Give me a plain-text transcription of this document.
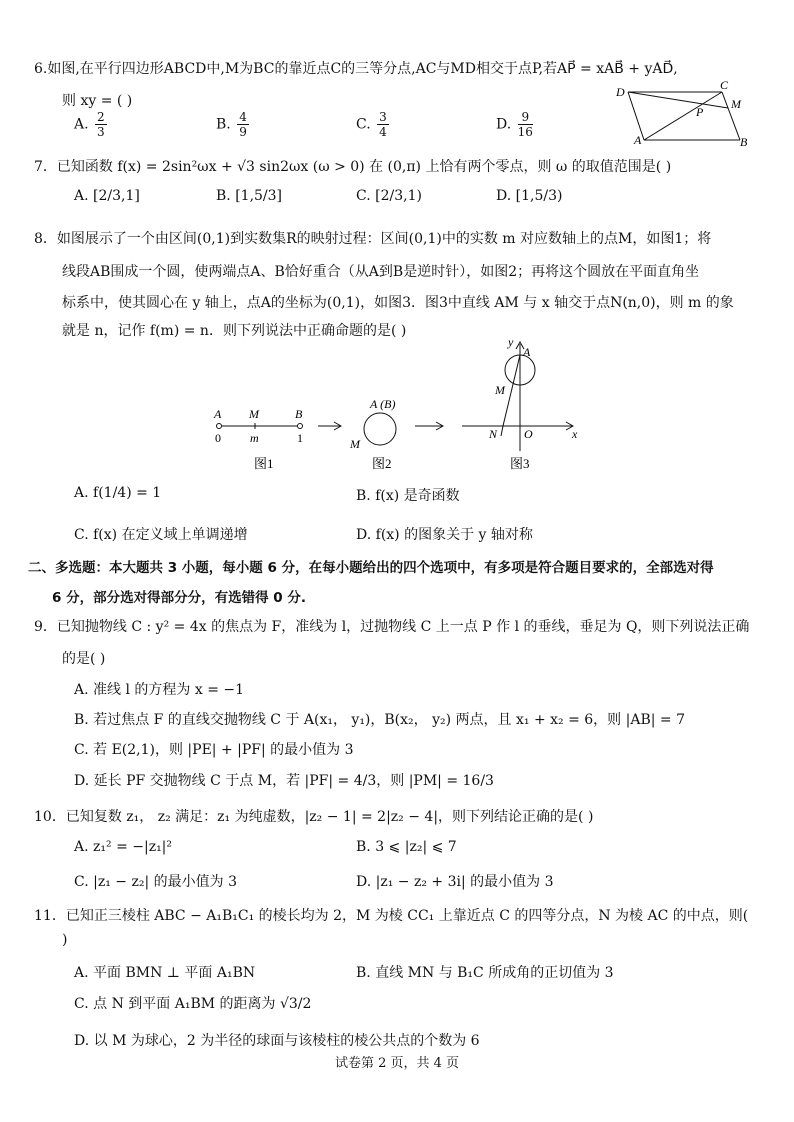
6.如图,在平行四边形ABCD中,M为BC的靠近点C的三等分点,AC与MD相交于点P,若AP⃗ = xAB⃗ + yAD⃗,
则 xy = ( )
A. $\frac{2}{3}$	B. $\frac{4}{9}$	C. $\frac{3}{4}$	D. $\frac{9}{16}$
D	C
M
P
A	B
7．已知函数 f(x) = 2sin²ωx + √3 sin2ωx (ω > 0) 在 (0,π) 上恰有两个零点，则 ω 的取值范围是( )
A. [2/3,1]	B. [1,5/3]	C. [2/3,1)	D. [1,5/3)
8．如图展示了一个由区间(0,1)到实数集R的映射过程：区间(0,1)中的实数 m 对应数轴上的点M，如图1；将
线段AB围成一个圆，使两端点A、B恰好重合（从A到B是逆时针），如图2；再将这个圆放在平面直角坐
标系中，使其圆心在 y 轴上，点A的坐标为(0,1)，如图3．图3中直线 AM 与 x 轴交于点N(n,0)，则 m 的象
就是 n，记作 f(m) = n．则下列说法中正确命题的是( )
A M	B
0 m	1
图1
A (B)
M
图2
y
A
M
N O	x
图3
A. f(1/4) = 1	B. f(x) 是奇函数
C. f(x) 在定义域上单调递增	D. f(x) 的图象关于 y 轴对称
二、多选题：本大题共 3 小题，每小题 6 分，在每小题给出的四个选项中，有多项是符合题目要求的，全部选对得
6 分，部分选对得部分分，有选错得 0 分.
9．已知抛物线 C : y² = 4x 的焦点为 F，准线为 l，过抛物线 C 上一点 P 作 l 的垂线，垂足为 Q，则下列说法正确
的是( )
A. 准线 l 的方程为 x = −1
B. 若过焦点 F 的直线交抛物线 C 于 A(x₁， y₁)，B(x₂， y₂) 两点，且 x₁ + x₂ = 6，则 |AB| = 7
C. 若 E(2,1)，则 |PE| + |PF| 的最小值为 3
D. 延长 PF 交抛物线 C 于点 M，若 |PF| = 4/3，则 |PM| = 16/3
10．已知复数 z₁， z₂ 满足：z₁ 为纯虚数，|z₂ − 1| = 2|z₂ − 4|，则下列结论正确的是( )
A. z₁² = −|z₁|²	B. 3 ⩽ |z₂| ⩽ 7
C. |z₁ − z₂| 的最小值为 3	D. |z₁ − z₂ + 3i| 的最小值为 3
11．已知正三棱柱 ABC − A₁B₁C₁ 的棱长均为 2，M 为棱 CC₁ 上靠近点 C 的四等分点，N 为棱 AC 的中点，则(
)
A. 平面 BMN ⊥ 平面 A₁BN	B. 直线 MN 与 B₁C 所成角的正切值为 3
C. 点 N 到平面 A₁BM 的距离为 √3/2
D. 以 M 为球心，2 为半径的球面与该棱柱的棱公共点的个数为 6
试卷第 2 页，共 4 页
